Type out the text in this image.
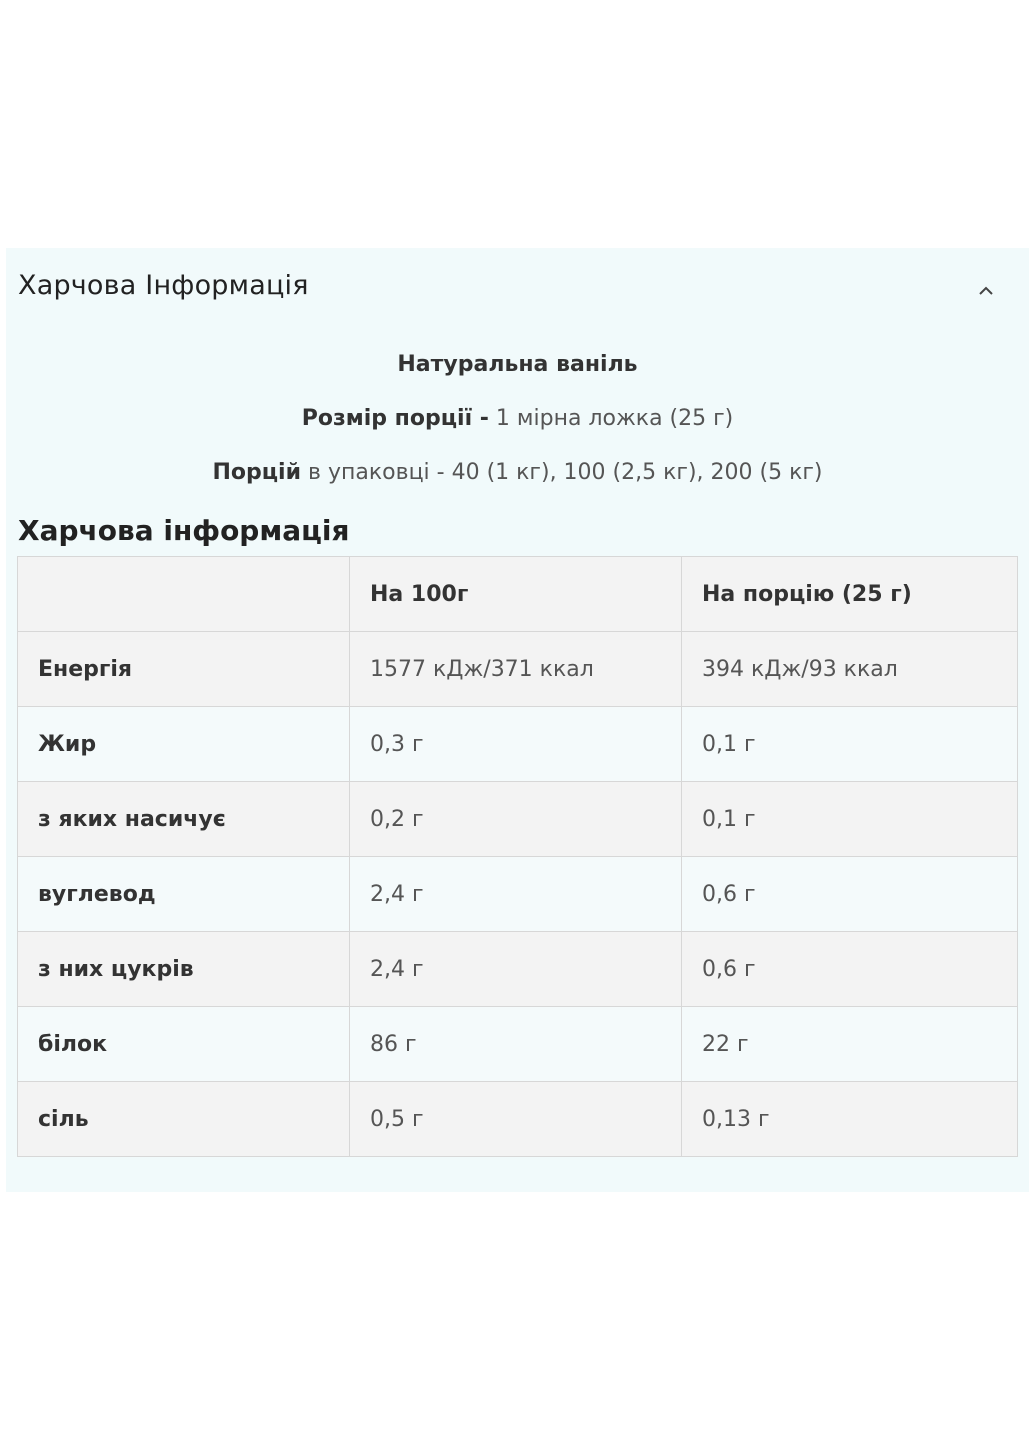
Харчова Інформація
Натуральна ваніль
Розмір порції - 1 мірна ложка (25 г)
Порцій в упаковці - 40 (1 кг), 100 (2,5 кг), 200 (5 кг)
Харчова інформація
	На 100г	На порцію (25 г)
Енергія	1577 кДж/371 ккал	394 кДж/93 ккал
Жир	0,3 г	0,1 г
з яких насичує	0,2 г	0,1 г
вуглевод	2,4 г	0,6 г
з них цукрів	2,4 г	0,6 г
білок	86 г	22 г
сіль	0,5 г	0,13 г
